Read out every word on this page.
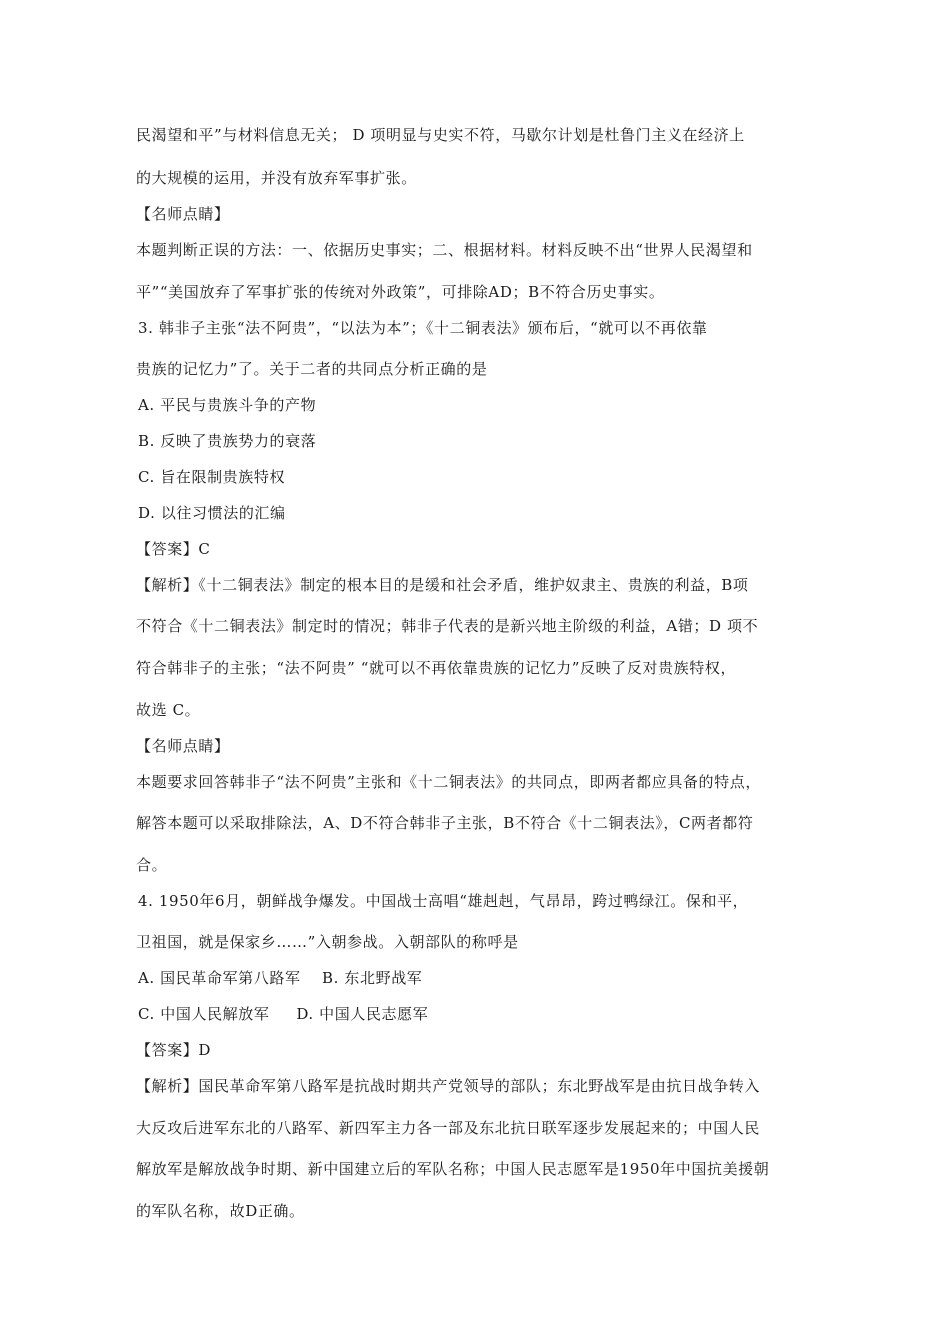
民渴望和平”与材料信息无关； D 项明显与史实不符，马歇尔计划是杜鲁门主义在经济上

的大规模的运用，并没有放弃军事扩张。

【名师点睛】

本题判断正误的方法：一、依据历史事实；二、根据材料。材料反映不出“世界人民渴望和

平”“美国放弃了军事扩张的传统对外政策”，可排除AD；B不符合历史事实。

3. 韩非子主张“法不阿贵”，“以法为本”；《十二铜表法》颁布后，“就可以不再依靠

贵族的记忆力”了。关于二者的共同点分析正确的是

A. 平民与贵族斗争的产物

B. 反映了贵族势力的衰落

C. 旨在限制贵族特权

D. 以往习惯法的汇编

【答案】C

【解析】《十二铜表法》制定的根本目的是缓和社会矛盾，维护奴隶主、贵族的利益，B项

不符合《十二铜表法》制定时的情况；韩非子代表的是新兴地主阶级的利益，A错；D 项不

符合韩非子的主张；“法不阿贵” “就可以不再依靠贵族的记忆力”反映了反对贵族特权，

故选 C。

【名师点睛】

本题要求回答韩非子“法不阿贵”主张和《十二铜表法》的共同点，即两者都应具备的特点，

解答本题可以采取排除法，A、D不符合韩非子主张，B不符合《十二铜表法》，C两者都符

合。

4. 1950年6月，朝鲜战争爆发。中国战士高唱“雄赳赳，气昂昂，跨过鸭绿江。保和平，

卫祖国，就是保家乡……”入朝参战。入朝部队的称呼是

A. 国民革命军第八路军    B. 东北野战军

C. 中国人民解放军     D. 中国人民志愿军

【答案】D

【解析】国民革命军第八路军是抗战时期共产党领导的部队；东北野战军是由抗日战争转入

大反攻后进军东北的八路军、新四军主力各一部及东北抗日联军逐步发展起来的；中国人民

解放军是解放战争时期、新中国建立后的军队名称；中国人民志愿军是1950年中国抗美援朝

的军队名称，故D正确。
